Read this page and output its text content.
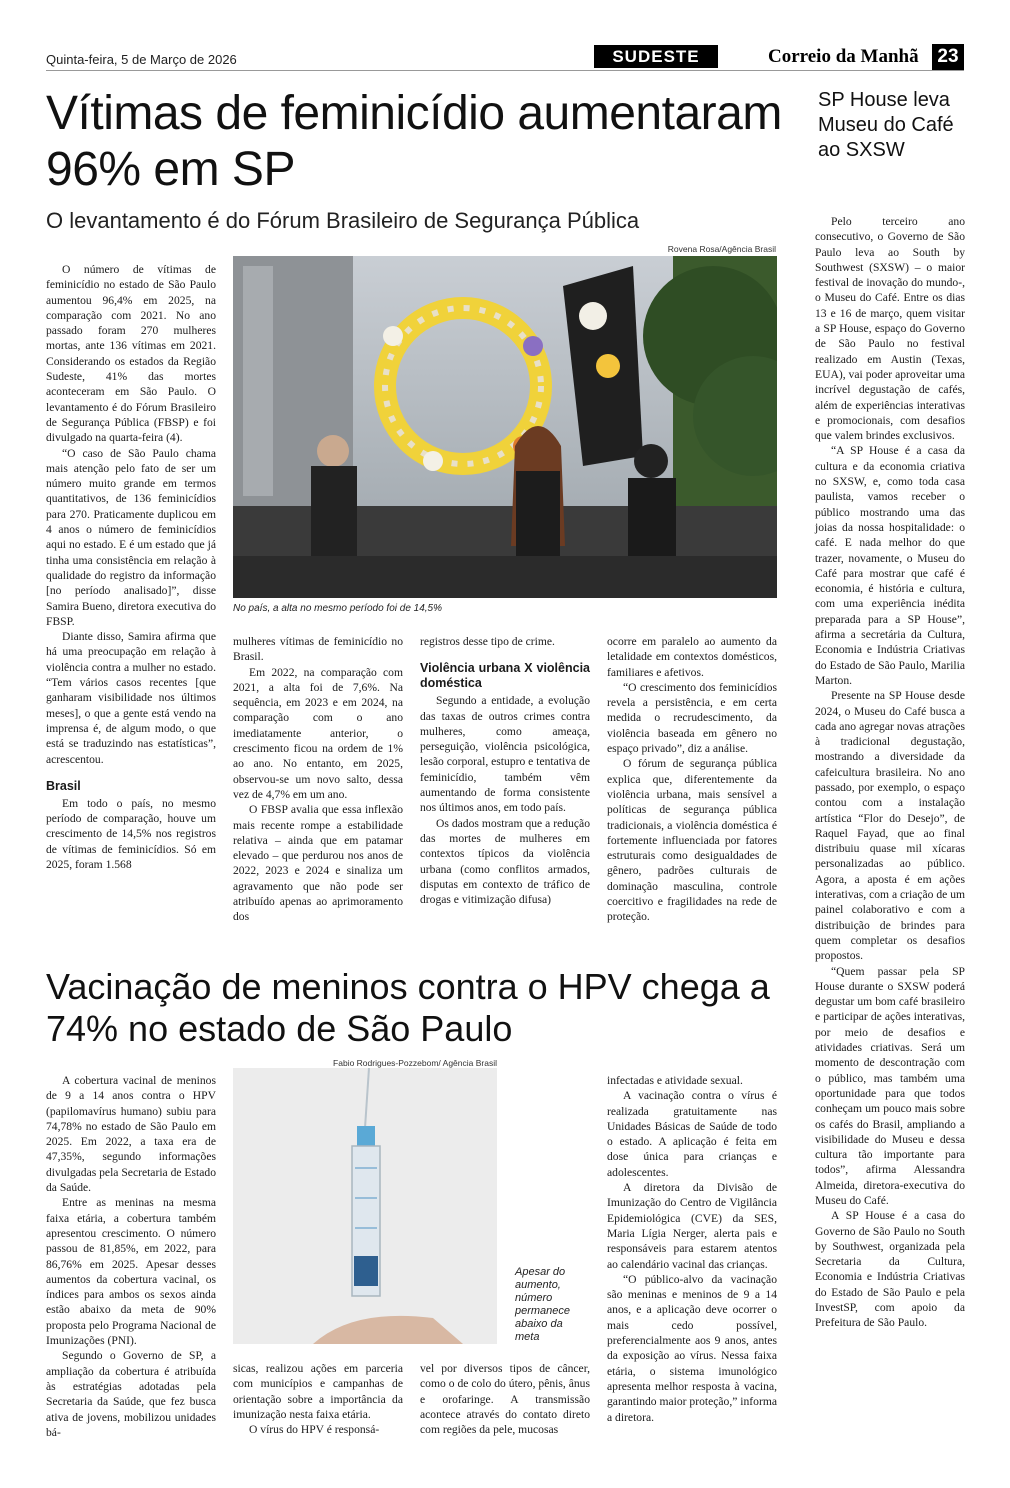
Quinta-feira, 5 de Março de 2026	SUDESTE	Correio da Manhã 23
Vítimas de feminicídio aumentaram 96% em SP
O levantamento é do Fórum Brasileiro de Segurança Pública
Rovena Rosa/Agência Brasil
No país, a alta no mesmo período foi de 14,5%

O número de vítimas de feminicídio no estado de São Paulo aumentou 96,4% em 2025, na comparação com 2021. No ano passado foram 270 mulheres mortas, ante 136 vítimas em 2021. Considerando os estados da Região Sudeste, 41% das mortes aconteceram em São Paulo. O levantamento é do Fórum Brasileiro de Segurança Pública (FBSP) e foi divulgado na quarta-feira (4).

“O caso de São Paulo chama mais atenção pelo fato de ser um número muito grande em termos quantitativos, de 136 feminicídios para 270. Praticamente duplicou em 4 anos o número de feminicídios aqui no estado. E é um estado que já tinha uma consistência em relação à qualidade do registro da informação [no período analisado]”, disse Samira Bueno, diretora executiva do FBSP.

Diante disso, Samira afirma que há uma preocupação em relação à violência contra a mulher no estado. “Tem vários casos recentes [que ganharam visibilidade nos últimos meses], o que a gente está vendo na imprensa é, de algum modo, o que está se traduzindo nas estatísticas”, acrescentou.

Brasil

Em todo o país, no mesmo período de comparação, houve um crescimento de 14,5% nos registros de vítimas de feminicídios. Só em 2025, foram 1.568

mulheres vítimas de feminicídio no Brasil.

Em 2022, na comparação com 2021, a alta foi de 7,6%. Na sequência, em 2023 e em 2024, na comparação com o ano imediatamente anterior, o crescimento ficou na ordem de 1% ao ano. No entanto, em 2025, observou-se um novo salto, dessa vez de 4,7% em um ano.

O FBSP avalia que essa inflexão mais recente rompe a estabilidade relativa – ainda que em patamar elevado – que perdurou nos anos de 2022, 2023 e 2024 e sinaliza um agravamento que não pode ser atribuído apenas ao aprimoramento dos

registros desse tipo de crime.

Violência urbana X violência doméstica

Segundo a entidade, a evolução das taxas de outros crimes contra mulheres, como ameaça, perseguição, violência psicológica, lesão corporal, estupro e tentativa de feminicídio, também vêm aumentando de forma consistente nos últimos anos, em todo país.

Os dados mostram que a redução das mortes de mulheres em contextos típicos da violência urbana (como conflitos armados, disputas em contexto de tráfico de drogas e vitimização difusa)

ocorre em paralelo ao aumento da letalidade em contextos domésticos, familiares e afetivos.

“O crescimento dos feminicídios revela a persistência, e em certa medida o recrudescimento, da violência baseada em gênero no espaço privado”, diz a análise.

O fórum de segurança pública explica que, diferentemente da violência urbana, mais sensível a políticas de segurança pública tradicionais, a violência doméstica é fortemente influenciada por fatores estruturais como desigualdades de gênero, padrões culturais de dominação masculina, controle coercitivo e fragilidades na rede de proteção.

SP House leva Museu do Café ao SXSW

Pelo terceiro ano consecutivo, o Governo de São Paulo leva ao South by Southwest (SXSW) – o maior festival de inovação do mundo-, o Museu do Café. Entre os dias 13 e 16 de março, quem visitar a SP House, espaço do Governo de São Paulo no festival realizado em Austin (Texas, EUA), vai poder aproveitar uma incrível degustação de cafés, além de experiências interativas e promocionais, com desafios que valem brindes exclusivos.

“A SP House é a casa da cultura e da economia criativa no SXSW, e, como toda casa paulista, vamos receber o público mostrando uma das joias da nossa hospitalidade: o café. E nada melhor do que trazer, novamente, o Museu do Café para mostrar que café é economia, é história e cultura, com uma experiência inédita preparada para a SP House”, afirma a secretária da Cultura, Economia e Indústria Criativas do Estado de São Paulo, Marilia Marton.

Presente na SP House desde 2024, o Museu do Café busca a cada ano agregar novas atrações à tradicional degustação, mostrando a diversidade da cafeicultura brasileira. No ano passado, por exemplo, o espaço contou com a instalação artística “Flor do Desejo”, de Raquel Fayad, que ao final distribuiu quase mil xícaras personalizadas ao público. Agora, a aposta é em ações interativas, com a criação de um painel colaborativo e com a distribuição de brindes para quem completar os desafios propostos.

“Quem passar pela SP House durante o SXSW poderá degustar um bom café brasileiro e participar de ações interativas, por meio de desafios e atividades criativas. Será um momento de descontração com o público, mas também uma oportunidade para que todos conheçam um pouco mais sobre os cafés do Brasil, ampliando a visibilidade do Museu e dessa cultura tão importante para todos”, afirma Alessandra Almeida, diretora-executiva do Museu do Café.

A SP House é a casa do Governo de São Paulo no South by Southwest, organizada pela Secretaria da Cultura, Economia e Indústria Criativas do Estado de São Paulo e pela InvestSP, com apoio da Prefeitura de São Paulo.

Vacinação de meninos contra o HPV chega a 74% no estado de São Paulo
Fabio Rodrigues-Pozzebom/ Agência Brasil
Apesar do aumento, número permanece abaixo da meta

A cobertura vacinal de meninos de 9 a 14 anos contra o HPV (papilomavírus humano) subiu para 74,78% no estado de São Paulo em 2025. Em 2022, a taxa era de 47,35%, segundo informações divulgadas pela Secretaria de Estado da Saúde.

Entre as meninas na mesma faixa etária, a cobertura também apresentou crescimento. O número passou de 81,85%, em 2022, para 86,76% em 2025. Apesar desses aumentos da cobertura vacinal, os índices para ambos os sexos ainda estão abaixo da meta de 90% proposta pelo Programa Nacional de Imunizações (PNI).

Segundo o Governo de SP, a ampliação da cobertura é atribuída às estratégias adotadas pela Secretaria da Saúde, que fez busca ativa de jovens, mobilizou unidades bá-

sicas, realizou ações em parceria com municípios e campanhas de orientação sobre a importância da imunização nesta faixa etária.

O vírus do HPV é responsá-

vel por diversos tipos de câncer, como o de colo do útero, pênis, ânus e orofaringe. A transmissão acontece através do contato direto com regiões da pele, mucosas

infectadas e atividade sexual.

A vacinação contra o vírus é realizada gratuitamente nas Unidades Básicas de Saúde de todo o estado. A aplicação é feita em dose única para crianças e adolescentes.

A diretora da Divisão de Imunização do Centro de Vigilância Epidemiológica (CVE) da SES, Maria Lígia Nerger, alerta pais e responsáveis para estarem atentos ao calendário vacinal das crianças.

“O público-alvo da vacinação são meninas e meninos de 9 a 14 anos, e a aplicação deve ocorrer o mais cedo possível, preferencialmente aos 9 anos, antes da exposição ao vírus. Nessa faixa etária, o sistema imunológico apresenta melhor resposta à vacina, garantindo maior proteção,” informa a diretora.
